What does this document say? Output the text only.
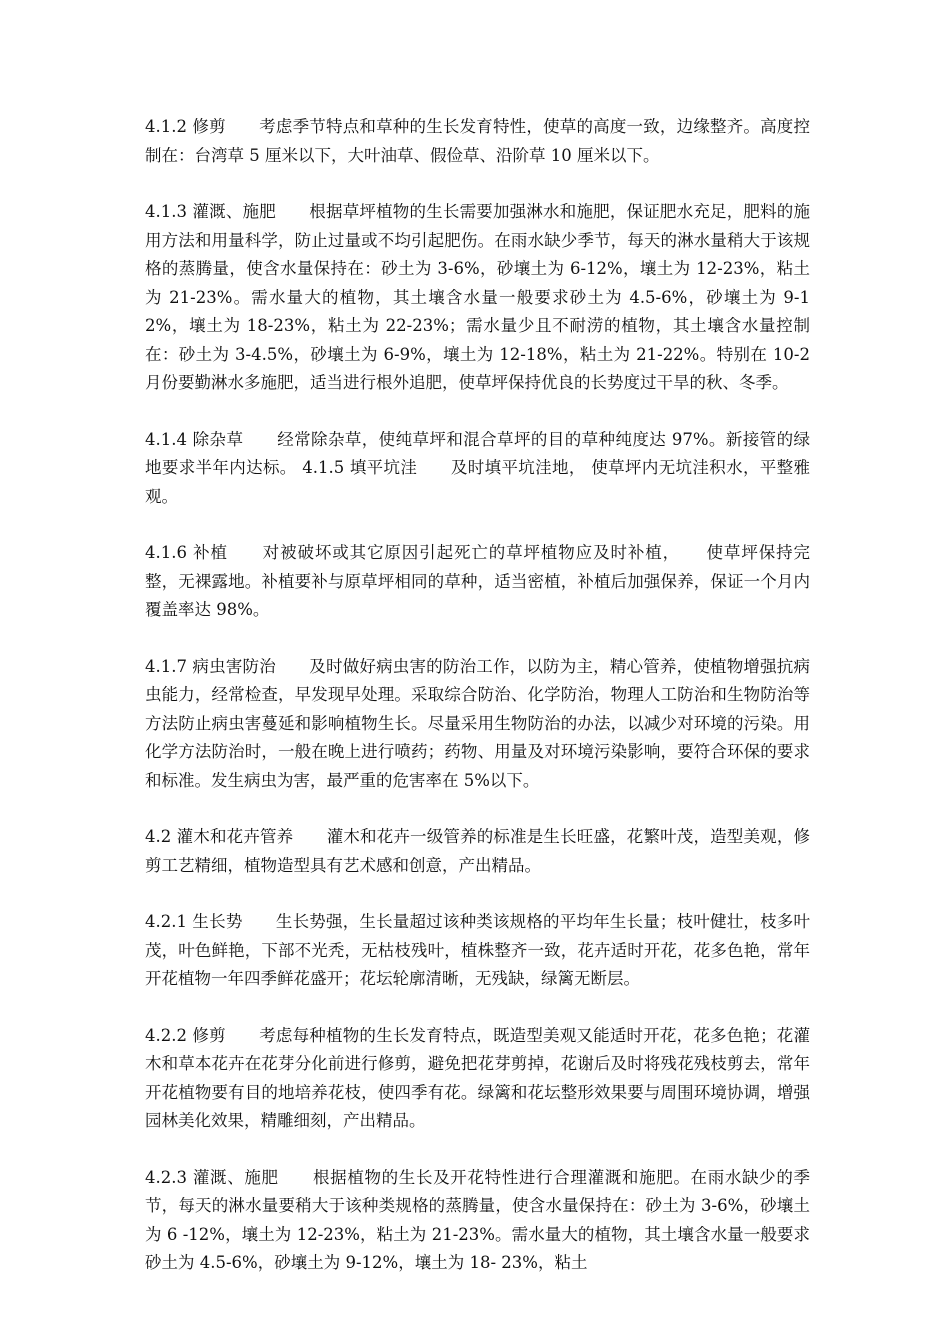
4.1.2 修剪　　考虑季节特点和草种的生长发育特性，使草的高度一致，边缘整齐。高度控制在：台湾草 5 厘米以下，大叶油草、假俭草、沿阶草 10 厘米以下。

4.1.3 灌溉、施肥　　根据草坪植物的生长需要加强淋水和施肥，保证肥水充足，肥料的施用方法和用量科学，防止过量或不均引起肥伤。在雨水缺少季节，每天的淋水量稍大于该规格的蒸腾量，使含水量保持在：砂土为 3-6%，砂壤土为 6-12%，壤土为 12-23%，粘土为 21-23%。需水量大的植物，其土壤含水量一般要求砂土为 4.5-6%，砂壤土为 9-12%，壤土为 18-23%，粘土为 22-23%；需水量少且不耐涝的植物，其土壤含水量控制在：砂土为 3-4.5%，砂壤土为 6-9%，壤土为 12-18%，粘土为 21-22%。特别在 10-2 月份要勤淋水多施肥，适当进行根外追肥，使草坪保持优良的长势度过干旱的秋、冬季。

4.1.4 除杂草　　经常除杂草，使纯草坪和混合草坪的目的草种纯度达 97%。新接管的绿地要求半年内达标。 4.1.5 填平坑洼　　及时填平坑洼地， 使草坪内无坑洼积水，平整雅观。

4.1.6 补植　　对被破坏或其它原因引起死亡的草坪植物应及时补植，　　使草坪保持完整，无裸露地。补植要补与原草坪相同的草种，适当密植，补植后加强保养，保证一个月内覆盖率达 98%。

4.1.7 病虫害防治　　及时做好病虫害的防治工作，以防为主，精心管养，使植物增强抗病虫能力，经常检查，早发现早处理。采取综合防治、化学防治，物理人工防治和生物防治等方法防止病虫害蔓延和影响植物生长。尽量采用生物防治的办法，以减少对环境的污染。用化学方法防治时，一般在晚上进行喷药；药物、用量及对环境污染影响，要符合环保的要求和标准。发生病虫为害，最严重的危害率在 5%以下。

4.2 灌木和花卉管养　　灌木和花卉一级管养的标准是生长旺盛，花繁叶茂，造型美观，修剪工艺精细，植物造型具有艺术感和创意，产出精品。

4.2.1 生长势　　生长势强，生长量超过该种类该规格的平均年生长量；枝叶健壮，枝多叶茂，叶色鲜艳，下部不光秃，无枯枝残叶，植株整齐一致，花卉适时开花，花多色艳，常年开花植物一年四季鲜花盛开；花坛轮廓清晰，无残缺，绿篱无断层。

4.2.2 修剪　　考虑每种植物的生长发育特点，既造型美观又能适时开花，花多色艳；花灌木和草本花卉在花芽分化前进行修剪，避免把花芽剪掉，花谢后及时将残花残枝剪去，常年开花植物要有目的地培养花枝，使四季有花。绿篱和花坛整形效果要与周围环境协调，增强园林美化效果，精雕细刻，产出精品。

4.2.3 灌溉、施肥　　根据植物的生长及开花特性进行合理灌溉和施肥。在雨水缺少的季节，每天的淋水量要稍大于该种类规格的蒸腾量，使含水量保持在：砂土为 3-6%，砂壤土为 6 -12%，壤土为 12-23%，粘土为 21-23%。需水量大的植物，其土壤含水量一般要求砂土为 4.5-6%，砂壤土为 9-12%，壤土为 18- 23%，粘土
